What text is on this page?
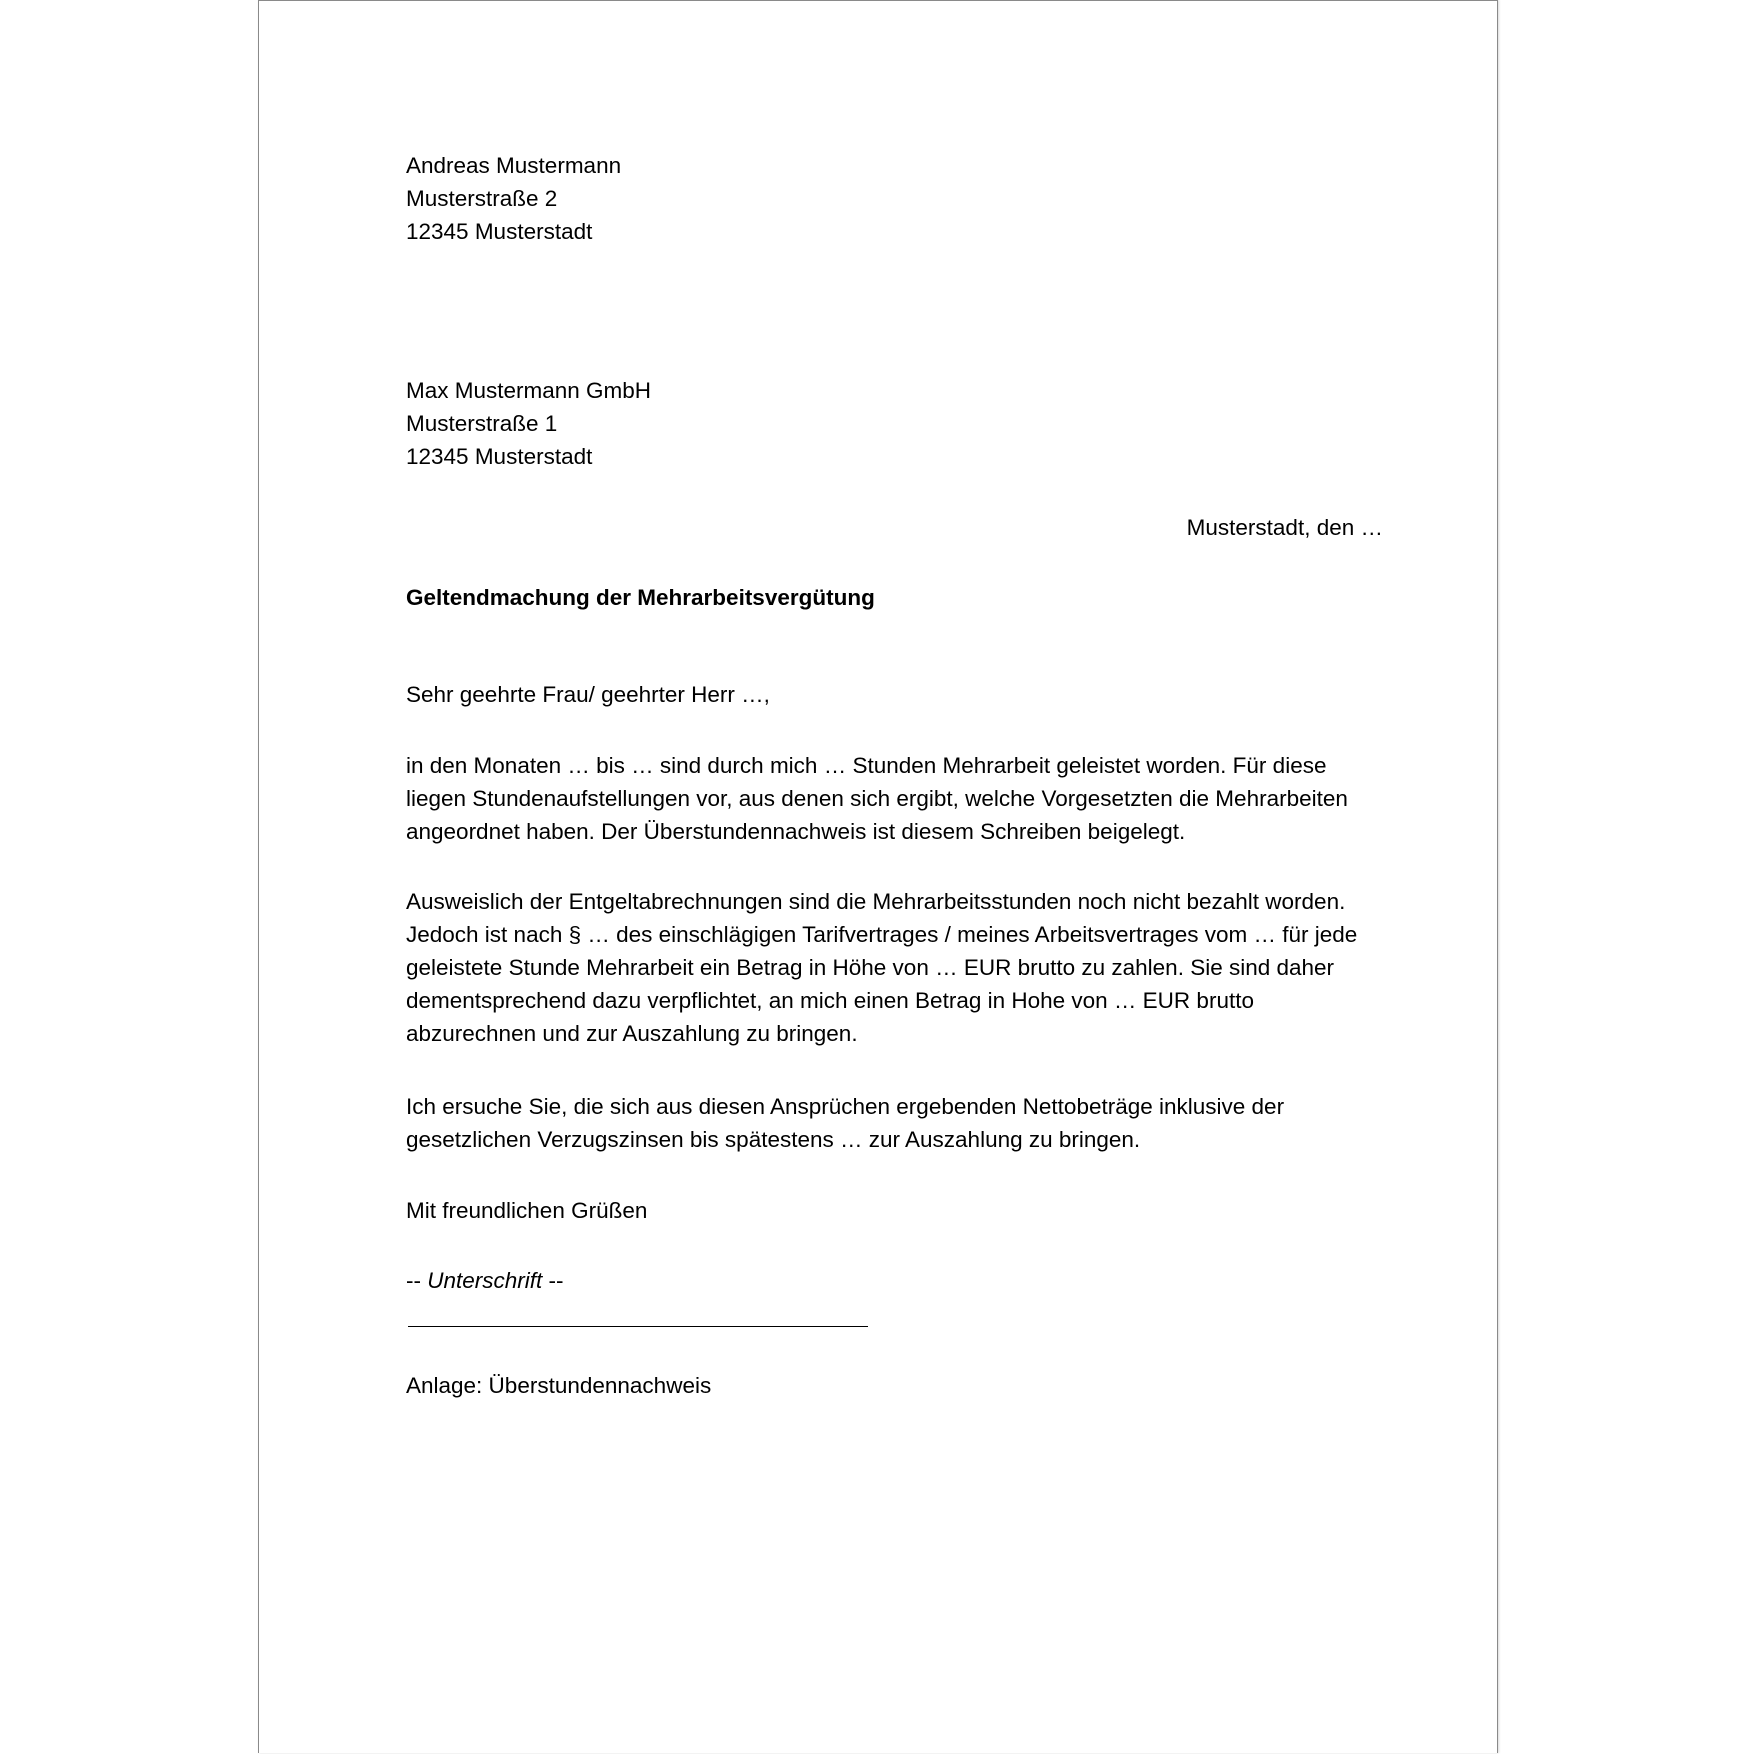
Andreas Mustermann
Musterstraße 2
12345 Musterstadt
Max Mustermann GmbH
Musterstraße 1
12345 Musterstadt
Musterstadt, den …
Geltendmachung der Mehrarbeitsvergütung
Sehr geehrte Frau/ geehrter Herr …,
in den Monaten … bis … sind durch mich … Stunden Mehrarbeit geleistet worden. Für diese
liegen Stundenaufstellungen vor, aus denen sich ergibt, welche Vorgesetzten die Mehrarbeiten
angeordnet haben. Der Überstundennachweis ist diesem Schreiben beigelegt.
Ausweislich der Entgeltabrechnungen sind die Mehrarbeitsstunden noch nicht bezahlt worden.
Jedoch ist nach § … des einschlägigen Tarifvertrages / meines Arbeitsvertrages vom … für jede
geleistete Stunde Mehrarbeit ein Betrag in Höhe von … EUR brutto zu zahlen. Sie sind daher
dementsprechend dazu verpflichtet, an mich einen Betrag in Hohe von … EUR brutto
abzurechnen und zur Auszahlung zu bringen.
Ich ersuche Sie, die sich aus diesen Ansprüchen ergebenden Nettobeträge inklusive der
gesetzlichen Verzugszinsen bis spätestens … zur Auszahlung zu bringen.
Mit freundlichen Grüßen
-- Unterschrift --
Anlage: Überstundennachweis
